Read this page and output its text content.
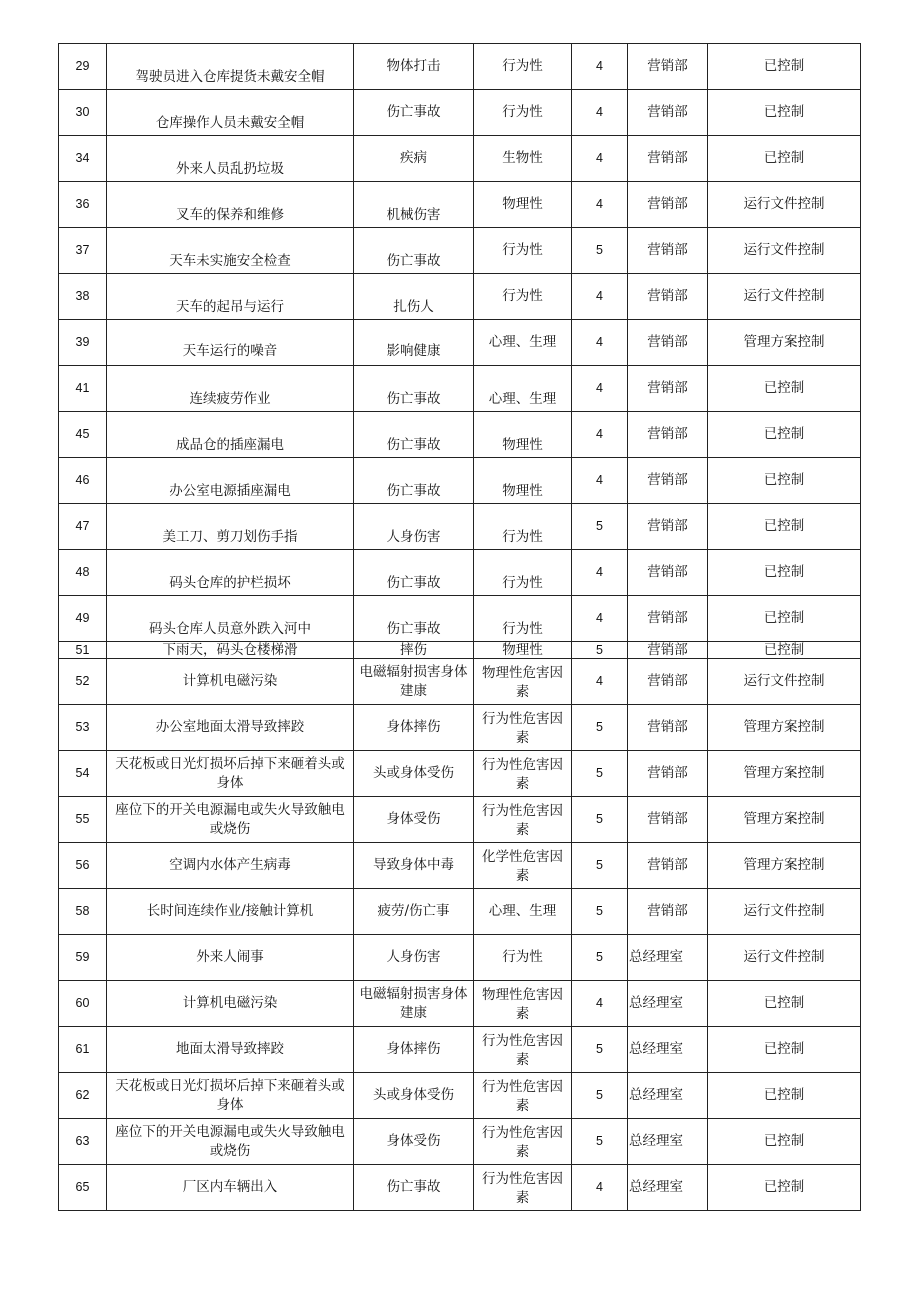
29	驾驶员进入仓库提货未戴安全帽	物体打击	行为性	4	营销部	已控制
30	仓库操作人员未戴安全帽	伤亡事故	行为性	4	营销部	已控制
34	外来人员乱扔垃圾	疾病	生物性	4	营销部	已控制
36	叉车的保养和维修	机械伤害	物理性	4	营销部	运行文件控制
37	天车未实施安全检查	伤亡事故	行为性	5	营销部	运行文件控制
38	天车的起吊与运行	扎伤人	行为性	4	营销部	运行文件控制
39	天车运行的噪音	影响健康	心理、生理	4	营销部	管理方案控制
41	连续疲劳作业	伤亡事故	心理、生理	4	营销部	已控制
45	成品仓的插座漏电	伤亡事故	物理性	4	营销部	已控制
46	办公室电源插座漏电	伤亡事故	物理性	4	营销部	已控制
47	美工刀、剪刀划伤手指	人身伤害	行为性	5	营销部	已控制
48	码头仓库的护栏损坏	伤亡事故	行为性	4	营销部	已控制
49	码头仓库人员意外跌入河中	伤亡事故	行为性	4	营销部	已控制
51	下雨天，码头仓楼梯滑	摔伤	物理性	5	营销部	已控制
52	计算机电磁污染	电磁辐射损害身体建康	物理性危害因素	4	营销部	运行文件控制
53	办公室地面太滑导致摔跤	身体摔伤	行为性危害因素	5	营销部	管理方案控制
54	天花板或日光灯损坏后掉下来砸着头或身体	头或身体受伤	行为性危害因素	5	营销部	管理方案控制
55	座位下的开关电源漏电或失火导致触电或烧伤	身体受伤	行为性危害因素	5	营销部	管理方案控制
56	空调内水体产生病毒	导致身体中毒	化学性危害因素	5	营销部	管理方案控制
58	长时间连续作业/接触计算机	疲劳/伤亡事	心理、生理	5	营销部	运行文件控制
59	外来人闹事	人身伤害	行为性	5	总经理室	运行文件控制
60	计算机电磁污染	电磁辐射损害身体建康	物理性危害因素	4	总经理室	已控制
61	地面太滑导致摔跤	身体摔伤	行为性危害因素	5	总经理室	已控制
62	天花板或日光灯损坏后掉下来砸着头或身体	头或身体受伤	行为性危害因素	5	总经理室	已控制
63	座位下的开关电源漏电或失火导致触电或烧伤	身体受伤	行为性危害因素	5	总经理室	已控制
65	厂区内车辆出入	伤亡事故	行为性危害因素	4	总经理室	已控制
